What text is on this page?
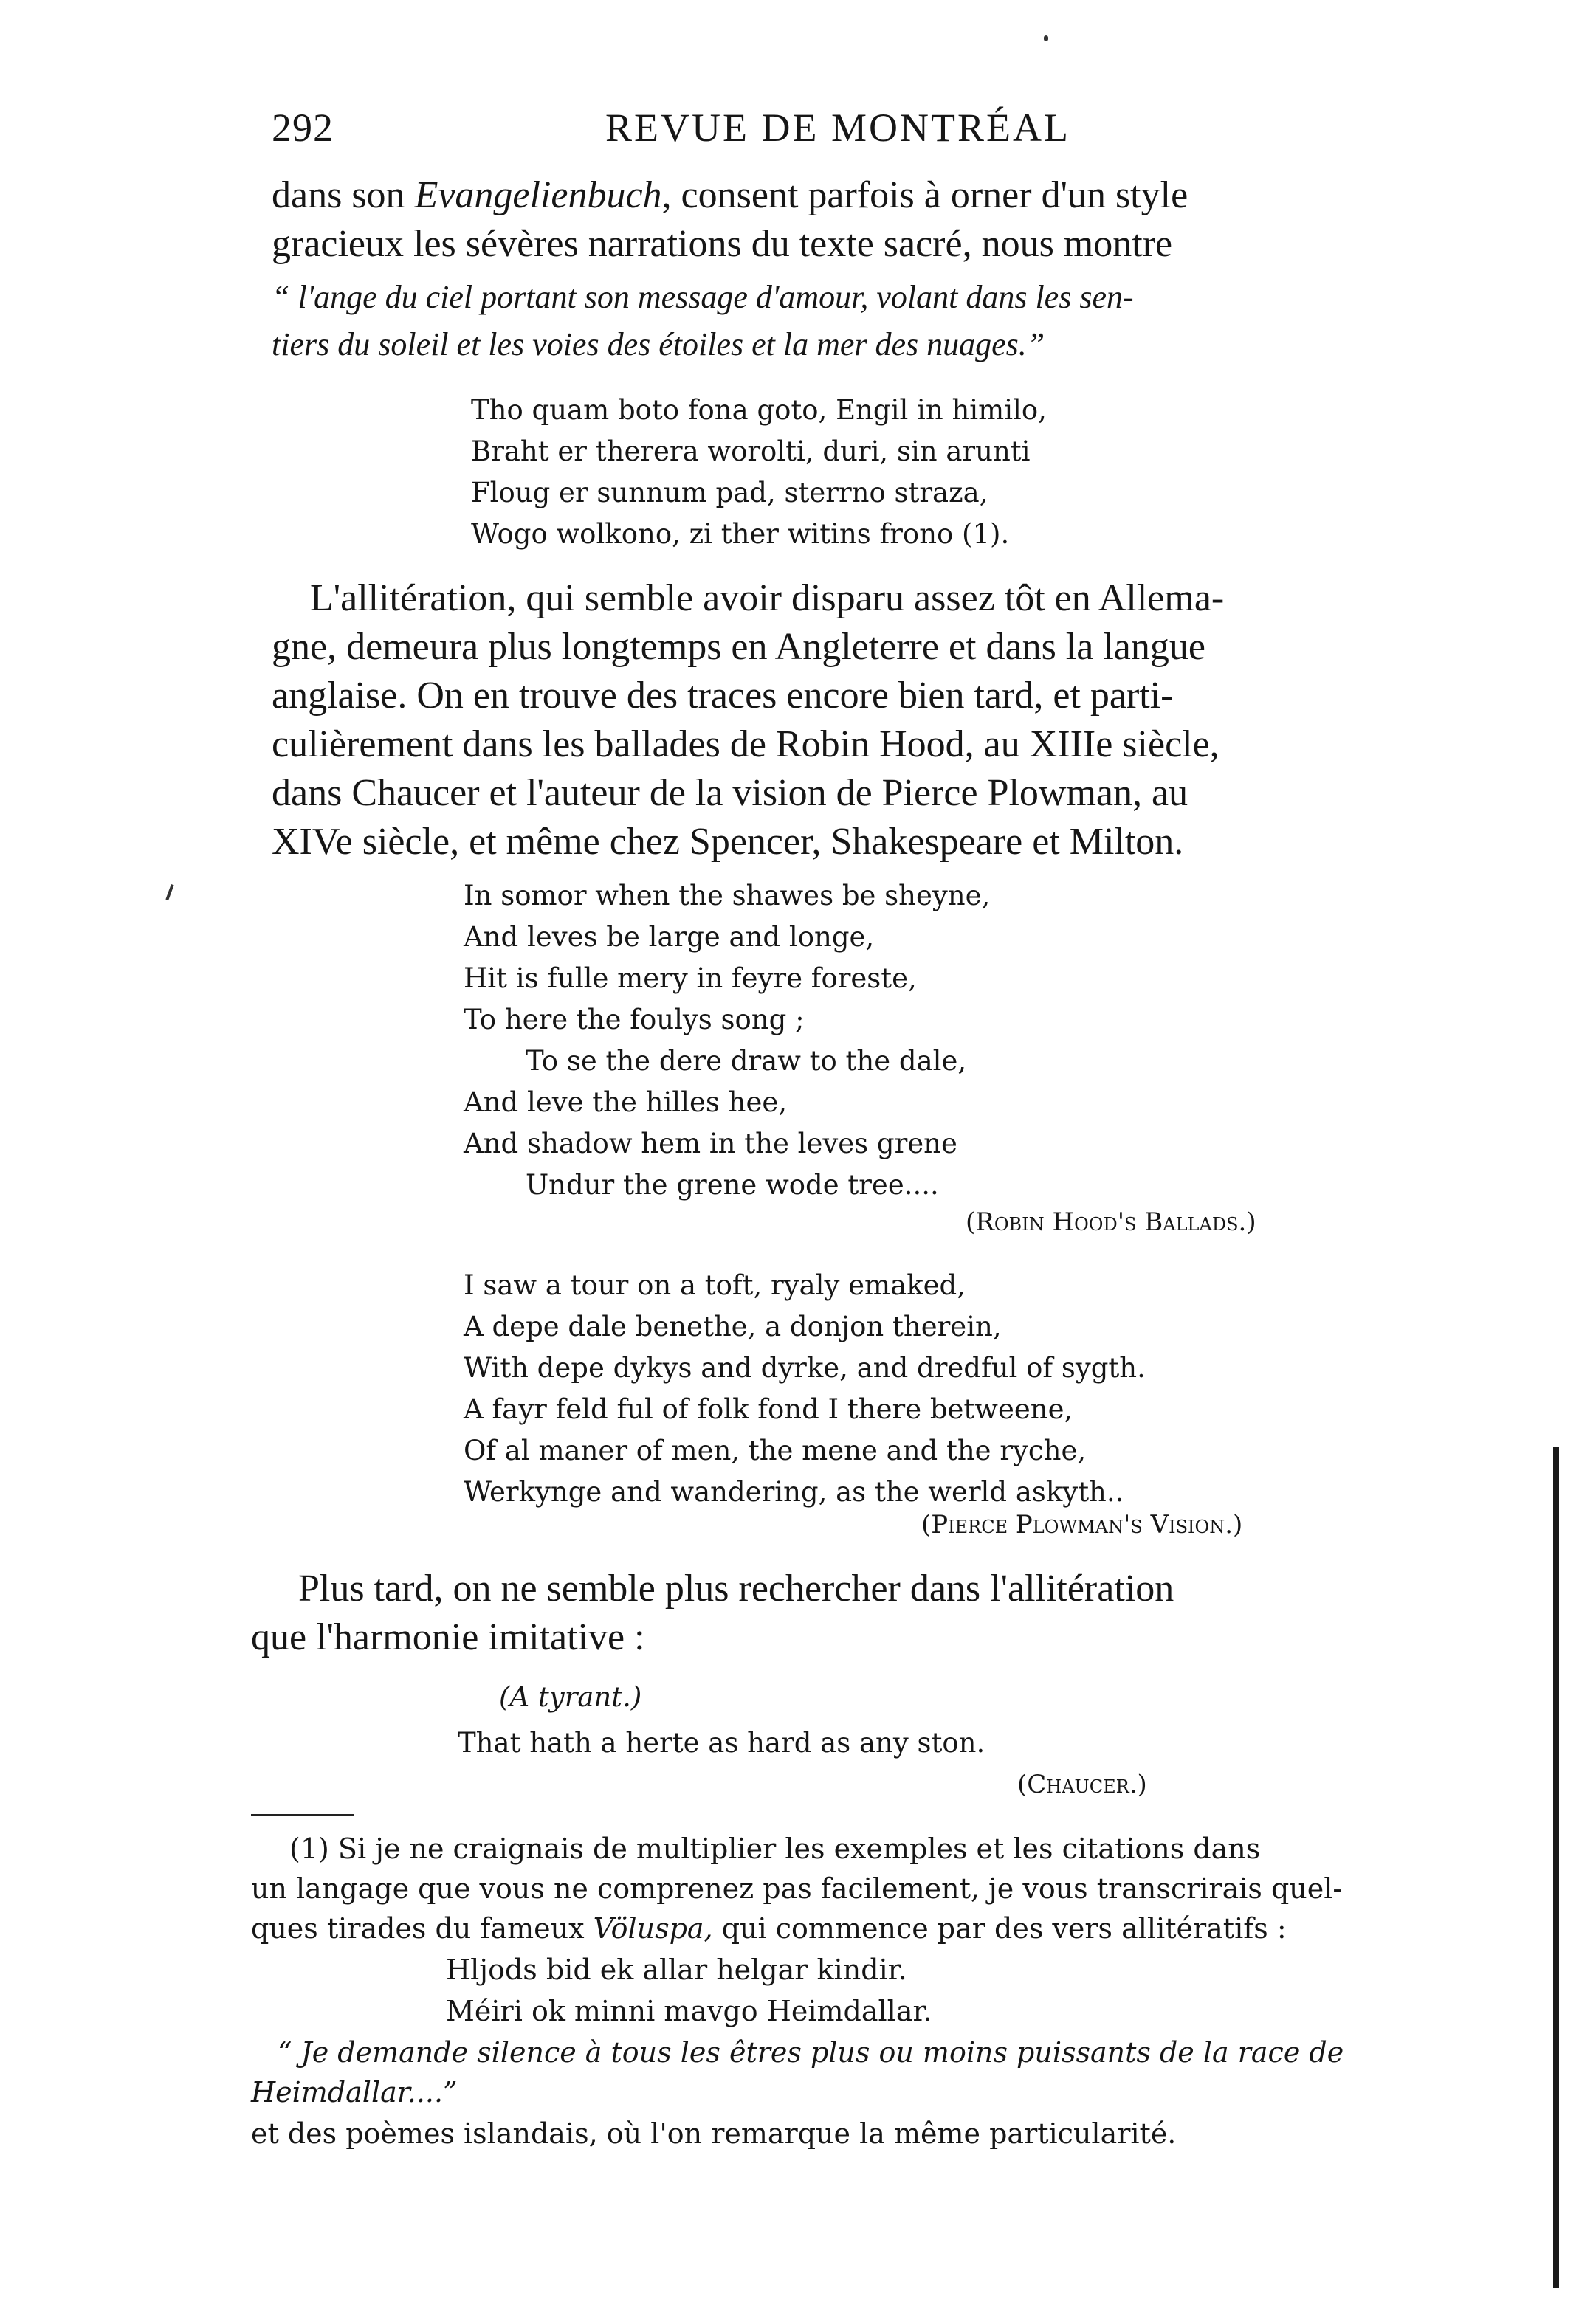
292	REVUE DE MONTRÉAL
dans son Evangelienbuch, consent parfois à orner d'un style
gracieux les sévères narrations du texte sacré, nous montre
“ l'ange du ciel portant son message d'amour, volant dans les sen-
tiers du soleil et les voies des étoiles et la mer des nuages.”
Tho quam boto fona goto, Engil in himilo,
Braht er therera worolti, duri, sin arunti
Floug er sunnum pad, sterrno straza,
Wogo wolkono, zi ther witins frono (1).
L'allitération, qui semble avoir disparu assez tôt en Allema-
gne, demeura plus longtemps en Angleterre et dans la langue
anglaise. On en trouve des traces encore bien tard, et parti-
culièrement dans les ballades de Robin Hood, au XIIIe siècle,
dans Chaucer et l'auteur de la vision de Pierce Plowman, au
XIVe siècle, et même chez Spencer, Shakespeare et Milton.
In somor when the shawes be sheyne,
And leves be large and longe,
Hit is fulle mery in feyre foreste,
To here the foulys song ;
To se the dere draw to the dale,
And leve the hilles hee,
And shadow hem in the leves grene
Undur the grene wode tree....
(Robin Hood's Ballads.)
I saw a tour on a toft, ryaly emaked,
A depe dale benethe, a donjon therein,
With depe dykys and dyrke, and dredful of sygth.
A fayr feld ful of folk fond I there betweene,
Of al maner of men, the mene and the ryche,
Werkynge and wandering, as the werld askyth..
(Pierce Plowman's Vision.)
Plus tard, on ne semble plus rechercher dans l'allitération
que l'harmonie imitative :
(A tyrant.)
That hath a herte as hard as any ston.
(Chaucer.)
(1) Si je ne craignais de multiplier les exemples et les citations dans
un langage que vous ne comprenez pas facilement, je vous transcrirais quel-
ques tirades du fameux Völuspa, qui commence par des vers allitératifs :
Hljods bid ek allar helgar kindir.
Méiri ok minni mavgo Heimdallar.
“ Je demande silence à tous les êtres plus ou moins puissants de la race de
Heimdallar....”
et des poèmes islandais, où l'on remarque la même particularité.
